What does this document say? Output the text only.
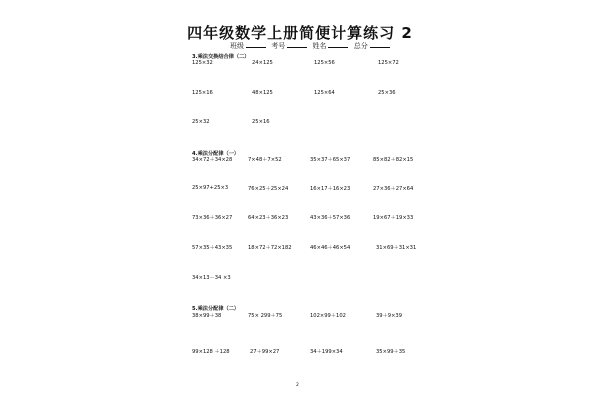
四年级数学上册简便计算练习 2
班级	考号	姓名	总分
3.乘法交换结合律（二）
125×32	24×125	125×56	125×72
125×16	48×125	125×64	25×36
25×32	25×16
4.乘法分配律（一）
34×72＋34×28	7×48＋7×52	35×37＋65×37	85×82＋82×15
25×97+25×3	76×25＋25×24	16×17＋16×23	27×36＋27×64
73×36＋36×27	64×23＋36×23	43×36＋57×36	19×67＋19×33
57×35＋43×35	18×72＋72×182	46×46＋46×54	31×69＋31×31
34×13－34 ×3
5.乘法分配律（二）
38×99＋38	75× 299＋75	102×99＋102	39＋9×39
99×128 ＋128	27＋99×27	34＋199×34	35×99＋35
2
